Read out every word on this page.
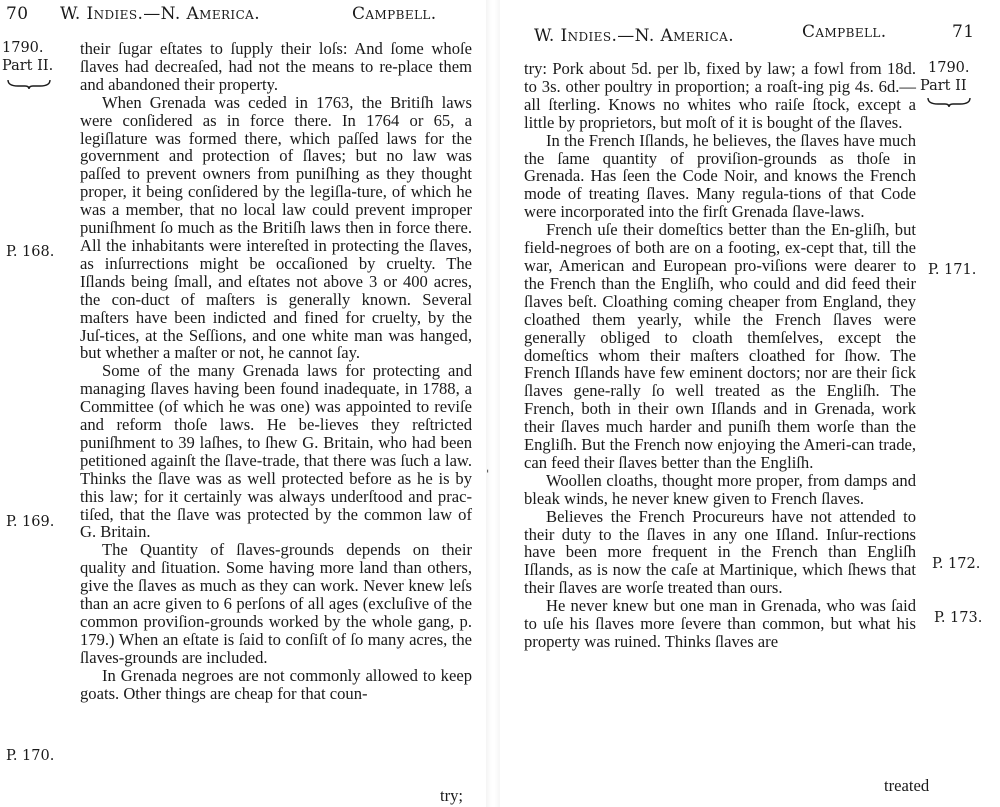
70 W. Indies.—N. America.	Campbell.
1790.
Part II.
P. 168.
P. 169.
P. 170.

their ſugar eſtates to ſupply their loſs: And ſome whoſe ſlaves had decreaſed, had not the means to re-place them and abandoned their property.

When Grenada was ceded in 1763, the Britiſh laws were conſidered as in force there. In 1764 or 65, a legiſlature was formed there, which paſſed laws for the government and protection of ſlaves; but no law was paſſed to prevent owners from puniſhing as they thought proper, it being conſidered by the legiſla-ture, of which he was a member, that no local law could prevent improper puniſhment ſo much as the Britiſh laws then in force there. All the inhabitants were intereſted in protecting the ſlaves, as inſurrections might be occaſioned by cruelty. The Iſlands being ſmall, and eſtates not above 3 or 400 acres, the con-duct of maſters is generally known. Several maſters have been indicted and fined for cruelty, by the Juſ-tices, at the Seſſions, and one white man was hanged, but whether a maſter or not, he cannot ſay.

Some of the many Grenada laws for protecting and managing ſlaves having been found inadequate, in 1788, a Committee (of which he was one) was appointed to reviſe and reform thoſe laws. He be-lieves they reſtricted puniſhment to 39 laſhes, to ſhew G. Britain, who had been petitioned againſt the ſlave-trade, that there was ſuch a law. Thinks the ſlave was as well protected before as he is by this law; for it certainly was always underſtood and prac-tiſed, that the ſlave was protected by the common law of G. Britain.

The Quantity of ſlaves-grounds depends on their quality and ſituation. Some having more land than others, give the ſlaves as much as they can work. Never knew leſs than an acre given to 6 perſons of all ages (excluſive of the common proviſion-grounds worked by the whole gang, p. 179.) When an eſtate is ſaid to conſiſt of ſo many acres, the ſlaves-grounds are included.

In Grenada negroes are not commonly allowed to keep goats. Other things are cheap for that coun-

try;
W. Indies.—N. America.	Campbell.	71
1790.
Part II
P. 171.
P. 172.
P. 173.

try: Pork about 5d. per lb, fixed by law; a fowl from 18d. to 3s. other poultry in proportion; a roaſt-ing pig 4s. 6d.—all ſterling. Knows no whites who raiſe ſtock, except a little by proprietors, but moſt of it is bought of the ſlaves.

In the French Iſlands, he believes, the ſlaves have much the ſame quantity of proviſion-grounds as thoſe in Grenada. Has ſeen the Code Noir, and knows the French mode of treating ſlaves. Many regula-tions of that Code were incorporated into the firſt Grenada ſlave-laws.

French uſe their domeſtics better than the En-gliſh, but field-negroes of both are on a footing, ex-cept that, till the war, American and European pro-viſions were dearer to the French than the Engliſh, who could and did feed their ſlaves beſt. Cloathing coming cheaper from England, they cloathed them yearly, while the French ſlaves were generally obliged to cloath themſelves, except the domeſtics whom their maſters cloathed for ſhow. The French Iſlands have few eminent doctors; nor are their ſick ſlaves gene-rally ſo well treated as the Engliſh. The French, both in their own Iſlands and in Grenada, work their ſlaves much harder and puniſh them worſe than the Engliſh. But the French now enjoying the Ameri-can trade, can feed their ſlaves better than the Engliſh.

Woollen cloaths, thought more proper, from damps and bleak winds, he never knew given to French ſlaves.

Believes the French Procureurs have not attended to their duty to the ſlaves in any one Iſland. Inſur-rections have been more frequent in the French than Engliſh Iſlands, as is now the caſe at Martinique, which ſhews that their ſlaves are worſe treated than ours.

He never knew but one man in Grenada, who was ſaid to uſe his ſlaves more ſevere than common, but what his property was ruined. Thinks ſlaves are

treated
ˌ
